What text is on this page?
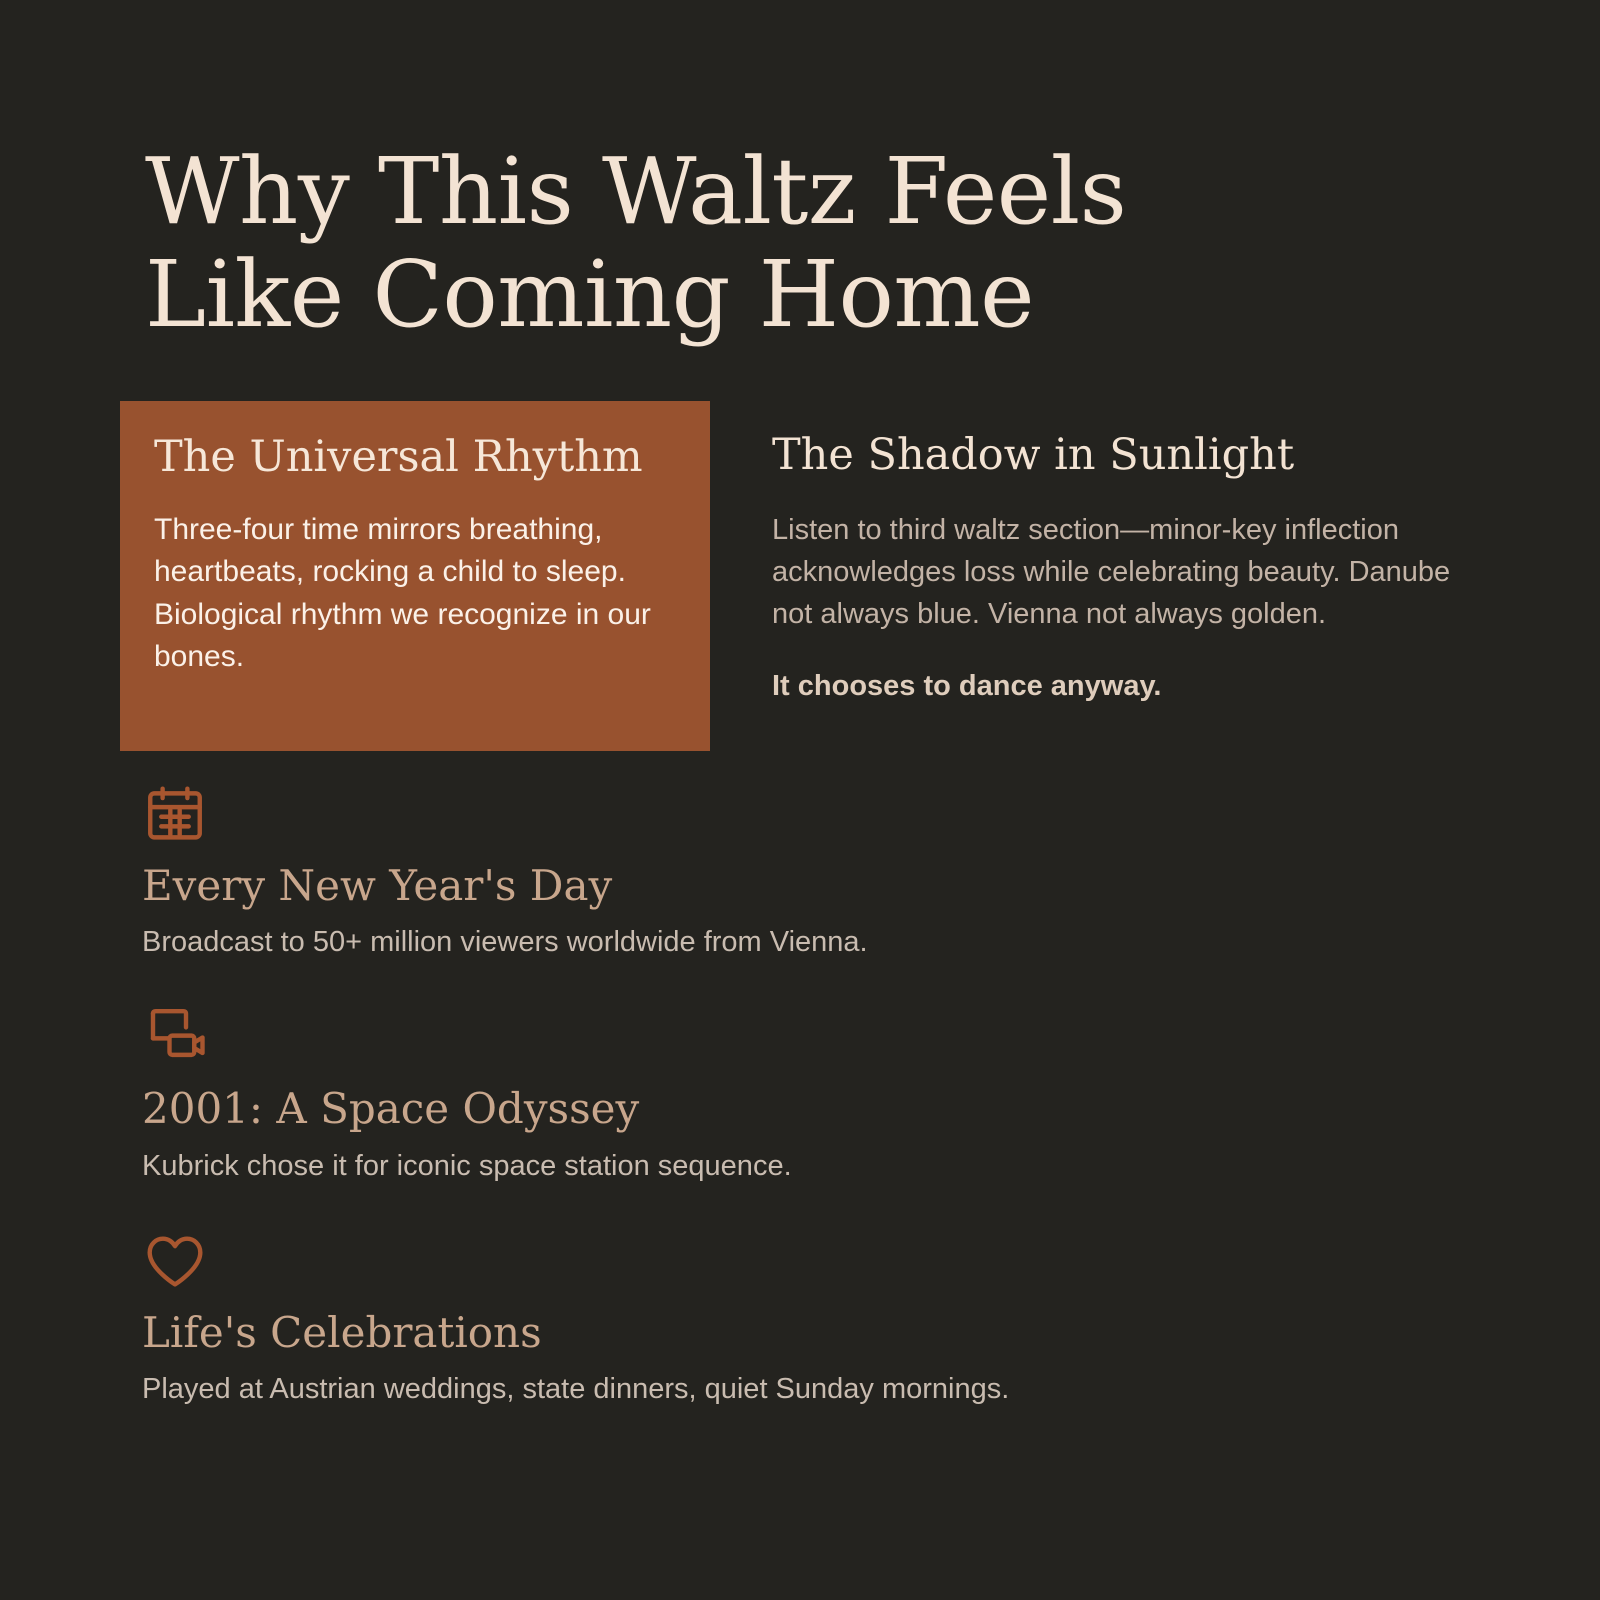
Why This Waltz Feels Like Coming Home
The Universal Rhythm

Three-four time mirrors breathing, heartbeats, rocking a child to sleep. Biological rhythm we recognize in our bones.

The Shadow in Sunlight

Listen to third waltz section—minor-key inflection acknowledges loss while celebrating beauty. Danube not always blue. Vienna not always golden.

It chooses to dance anyway.

Every New Year's Day

Broadcast to 50+ million viewers worldwide from Vienna.

2001: A Space Odyssey

Kubrick chose it for iconic space station sequence.

Life's Celebrations

Played at Austrian weddings, state dinners, quiet Sunday mornings.
